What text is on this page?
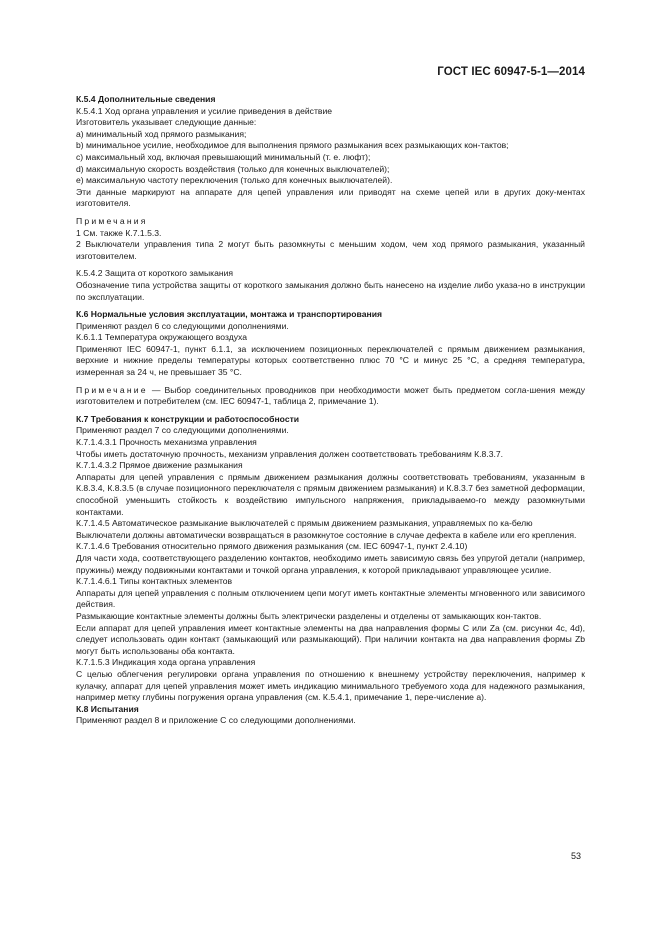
ГОСТ IEC 60947-5-1—2014

К.5.4 Дополнительные сведения

К.5.4.1 Ход органа управления и усилие приведения в действие

Изготовитель указывает следующие данные:

а) минимальный ход прямого размыкания;

b) минимальное усилие, необходимое для выполнения прямого размыкания всех размыкающих кон-тактов;

с) максимальный ход, включая превышающий минимальный (т. е. люфт);

d) максимальную скорость воздействия (только для конечных выключателей);

е) максимальную частоту переключения (только для конечных выключателей).

Эти данные маркируют на аппарате для цепей управления или приводят на схеме цепей или в других доку-ментах изготовителя.

Примечания

1 См. также К.7.1.5.3.

2 Выключатели управления типа 2 могут быть разомкнуты с меньшим ходом, чем ход прямого размыкания, указанный изготовителем.

К.5.4.2 Защита от короткого замыкания

Обозначение типа устройства защиты от короткого замыкания должно быть нанесено на изделие либо указа-но в инструкции по эксплуатации.

К.6 Нормальные условия эксплуатации, монтажа и транспортирования

Применяют раздел 6 со следующими дополнениями.

К.6.1.1 Температура окружающего воздуха

Применяют IEC 60947-1, пункт 6.1.1, за исключением позиционных переключателей с прямым движением размыкания, верхние и нижние пределы температуры которых соответственно плюс 70 °С и минус 25 °С, а средняя температура, измеренная за 24 ч, не превышает 35 °С.

Примечание — Выбор соединительных проводников при необходимости может быть предметом согла-шения между изготовителем и потребителем (см. IEC 60947-1, таблица 2, примечание 1).

К.7 Требования к конструкции и работоспособности

Применяют раздел 7 со следующими дополнениями.

К.7.1.4.3.1 Прочность механизма управления

Чтобы иметь достаточную прочность, механизм управления должен соответствовать требованиям К.8.3.7.

К.7.1.4.3.2 Прямое движение размыкания

Аппараты для цепей управления с прямым движением размыкания должны соответствовать требованиям, указанным в К.8.3.4, К.8.3.5 (в случае позиционного переключателя с прямым движением размыкания) и К.8.3.7 без заметной деформации, способной уменьшить стойкость к воздействию импульсного напряжения, прикладываемо-го между разомкнутыми контактами.

К.7.1.4.5 Автоматическое размыкание выключателей с прямым движением размыкания, управляемых по ка-белю

Выключатели должны автоматически возвращаться в разомкнутое состояние в случае дефекта в кабеле или его крепления.

К.7.1.4.6 Требования относительно прямого движения размыкания (см. IEC 60947-1, пункт 2.4.10)

Для части хода, соответствующего разделению контактов, необходимо иметь зависимую связь без упругой детали (например, пружины) между подвижными контактами и точкой органа управления, к которой прикладывают управляющее усилие.

К.7.1.4.6.1 Типы контактных элементов

Аппараты для цепей управления с полным отключением цепи могут иметь контактные элементы мгновенного или зависимого действия.

Размыкающие контактные элементы должны быть электрически разделены и отделены от замыкающих кон-тактов.

Если аппарат для цепей управления имеет контактные элементы на два направления формы С или Zа (см. рисунки 4с, 4d), следует использовать один контакт (замыкающий или размыкающий). При наличии контакта на два направления формы Zb могут быть использованы оба контакта.

К.7.1.5.3 Индикация хода органа управления

С целью облегчения регулировки органа управления по отношению к внешнему устройству переключения, например к кулачку, аппарат для цепей управления может иметь индикацию минимального требуемого хода для надежного размыкания, например метку глубины погружения органа управления (см. К.5.4.1, примечание 1, пере-числение а).

К.8 Испытания

Применяют раздел 8 и приложение С со следующими дополнениями.

53
